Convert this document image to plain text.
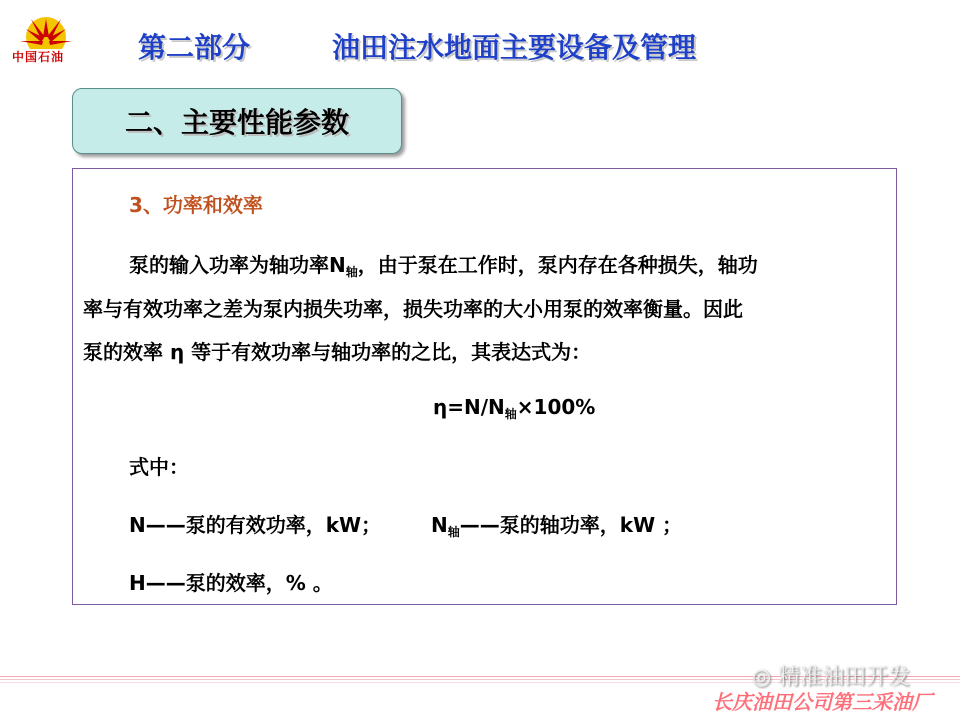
中国石油	第二部分	油田注水地面主要设备及管理
二、主要性能参数
3、功率和效率
泵的输入功率为轴功率$N_轴$，由于泵在工作时，泵内存在各种损失，轴功
率与有效功率之差为泵内损失功率，损失功率的大小用泵的效率衡量。因此
泵的效率 η 等于有效功率与轴功率的之比，其表达式为：
$\eta=N/N_轴\times 100\%$
式中：
N——泵的有效功率，kW； $N_轴——$泵的轴功率，kW ；
Η——泵的效率，% 。
◎ 精准油田开发
长庆油田公司第三采油厂
